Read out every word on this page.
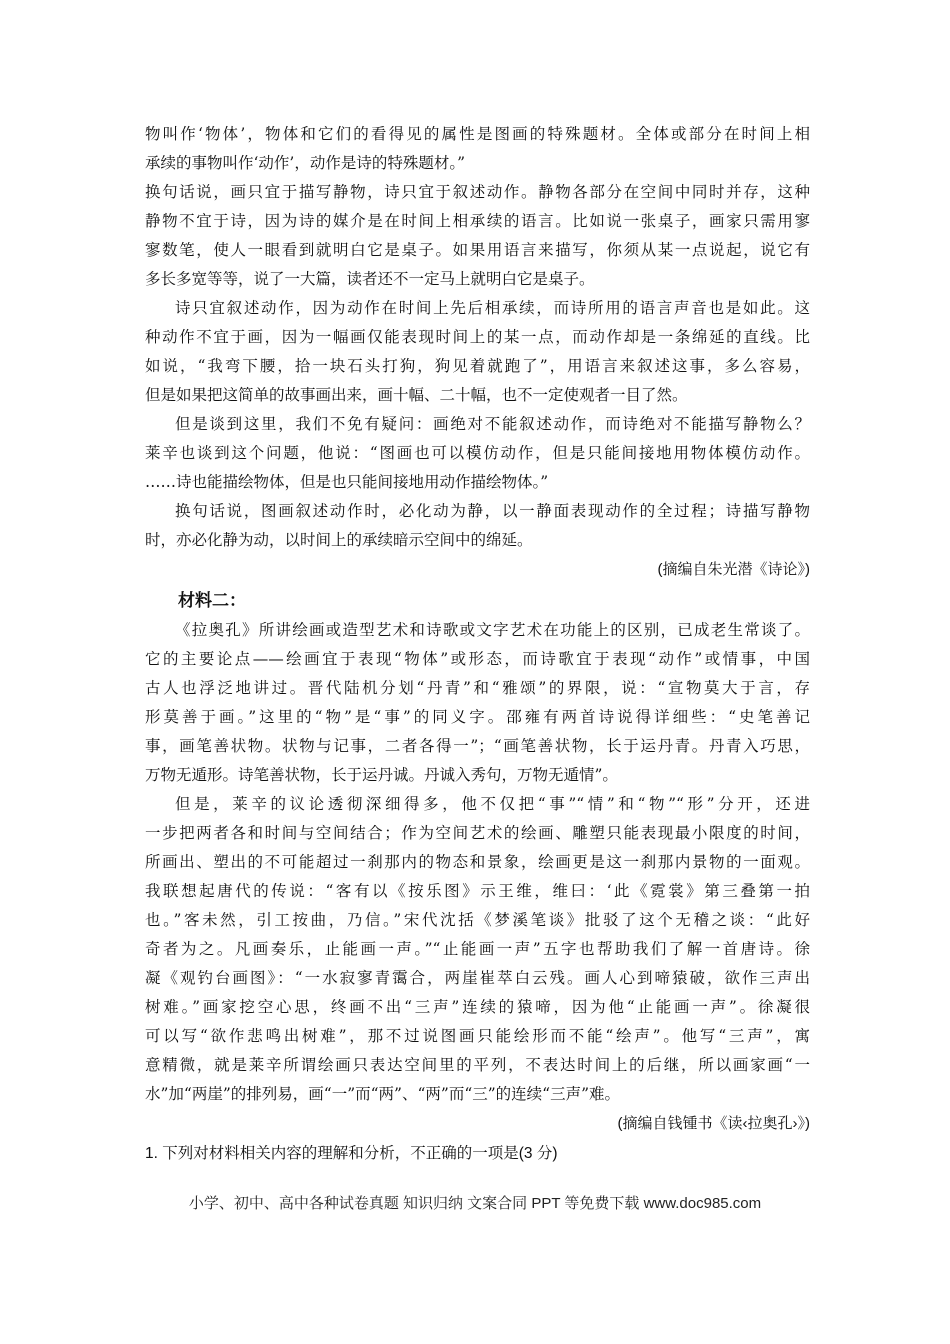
物叫作‘物体’，物体和它们的看得见的属性是图画的特殊题材。全体或部分在时间上相
承续的事物叫作‘动作’，动作是诗的特殊题材。”
换句话说，画只宜于描写静物，诗只宜于叙述动作。静物各部分在空间中同时并存，这种
静物不宜于诗，因为诗的媒介是在时间上相承续的语言。比如说一张桌子，画家只需用寥
寥数笔，使人一眼看到就明白它是桌子。如果用语言来描写，你须从某一点说起，说它有
多长多宽等等，说了一大篇，读者还不一定马上就明白它是桌子。
诗只宜叙述动作，因为动作在时间上先后相承续，而诗所用的语言声音也是如此。这
种动作不宜于画，因为一幅画仅能表现时间上的某一点，而动作却是一条绵延的直线。比
如说，“我弯下腰，拾一块石头打狗，狗见着就跑了”，用语言来叙述这事，多么容易，
但是如果把这简单的故事画出来，画十幅、二十幅，也不一定使观者一目了然。
但是谈到这里，我们不免有疑问：画绝对不能叙述动作，而诗绝对不能描写静物么？
莱辛也谈到这个问题，他说：“图画也可以模仿动作，但是只能间接地用物体模仿动作。
……诗也能描绘物体，但是也只能间接地用动作描绘物体。”
换句话说，图画叙述动作时，必化动为静，以一静面表现动作的全过程；诗描写静物
时，亦必化静为动，以时间上的承续暗示空间中的绵延。
(摘编自朱光潜《诗论》)
材料二：
《拉奥孔》所讲绘画或造型艺术和诗歌或文字艺术在功能上的区别，已成老生常谈了。
它的主要论点——绘画宜于表现“物体”或形态，而诗歌宜于表现“动作”或情事，中国
古人也浮泛地讲过。晋代陆机分划“丹青”和“雅颂”的界限，说：“宣物莫大于言，存
形莫善于画。”这里的“物”是“事”的同义字。邵雍有两首诗说得详细些：“史笔善记
事，画笔善状物。状物与记事，二者各得一”；“画笔善状物，长于运丹青。丹青入巧思，
万物无遁形。诗笔善状物，长于运丹诚。丹诚入秀句，万物无遁情”。
但是，莱辛的议论透彻深细得多，他不仅把“事”“情”和“物”“形”分开，还进
一步把两者各和时间与空间结合；作为空间艺术的绘画、雕塑只能表现最小限度的时间，
所画出、塑出的不可能超过一刹那内的物态和景象，绘画更是这一刹那内景物的一面观。
我联想起唐代的传说：“客有以《按乐图》示王维，维曰：‘此《霓裳》第三叠第一拍
也。”客未然，引工按曲，乃信。”宋代沈括《梦溪笔谈》批驳了这个无稽之谈：“此好
奇者为之。凡画奏乐，止能画一声。”“止能画一声”五字也帮助我们了解一首唐诗。徐
凝《观钓台画图》：“一水寂寥青霭合，两崖崔萃白云残。画人心到啼猿破，欲作三声出
树难。”画家挖空心思，终画不出“三声”连续的猿啼，因为他“止能画一声”。徐凝很
可以写“欲作悲鸣出树难”，那不过说图画只能绘形而不能“绘声”。他写“三声”，寓
意精微，就是莱辛所谓绘画只表达空间里的平列，不表达时间上的后继，所以画家画“一
水”加“两崖”的排列易，画“一”而“两”、“两”而“三”的连续“三声”难。
(摘编自钱锺书《读‹拉奥孔›》)
1. 下列对材料相关内容的理解和分析，不正确的一项是(3 分)
小学、初中、高中各种试卷真题 知识归纳 文案合同 PPT 等免费下载 www.doc985.com
